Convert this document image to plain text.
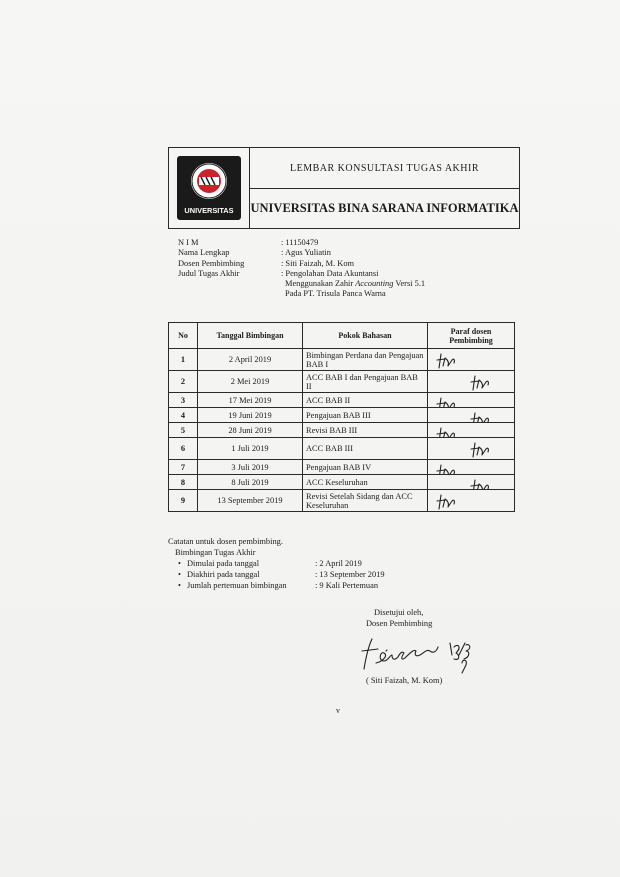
UNIVERSITAS
LEMBAR KONSULTASI TUGAS AKHIR
UNIVERSITAS BINA SARANA INFORMATIKA
N I M	: 11150479
Nama Lengkap	: Agus Yuliatin
Dosen Pembimbing	: Siti Faizah, M. Kom
Judul Tugas Akhir	: Pengolahan Data Akuntansi
Menggunakan Zahir Accounting Versi 5.1
Pada PT. Trisula Panca Warna
No	Tanggal Bimbingan	Pokok Bahasan	Paraf dosen Pembimbing
1	2 April 2019	Bimbingan Perdana dan Pengajuan BAB I	

2	2 Mei 2019	ACC BAB I dan Pengajuan BAB II	

3	17 Mei 2019	ACC BAB II	

4	19 Juni 2019	Pengajuan BAB III	

5	28 Juni 2019	Revisi BAB III	

6	1 Juli 2019	ACC BAB III	

7	3 Juli 2019	Pengajuan BAB IV	

8	8 Juli 2019	ACC Keseluruhan	

9	13 September 2019	Revisi Setelah Sidang dan ACC Keseluruhan	
Catatan untuk dosen pembimbing.
Bimbingan Tugas Akhir
• Dimulai pada tanggal	: 2 April 2019
• Diakhiri pada tanggal	: 13 September 2019
• Jumlah pertemuan bimbingan	: 9 Kali Pertemuan
Disetujui oleh,
Dosen Pembimbing
( Siti Faizah, M. Kom)
v
